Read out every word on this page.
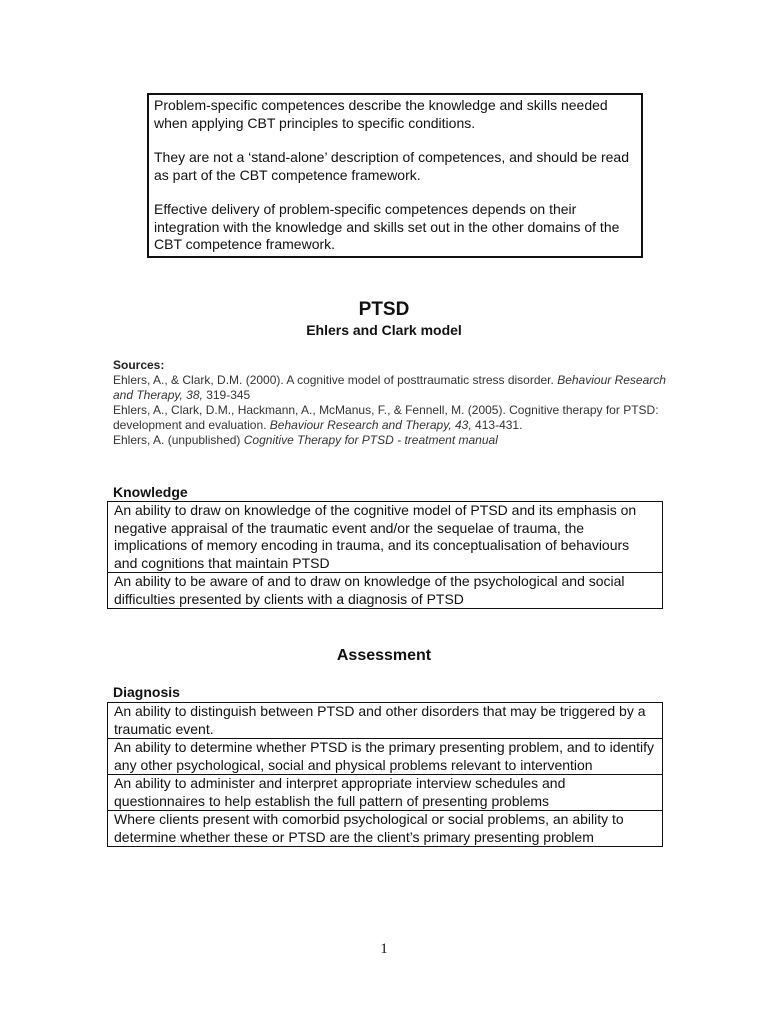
Problem-specific competences describe the knowledge and skills needed when applying CBT principles to specific conditions.

They are not a ‘stand-alone’ description of competences, and should be read as part of the CBT competence framework.

Effective delivery of problem-specific competences depends on their integration with the knowledge and skills set out in the other domains of the CBT competence framework.

PTSD
Ehlers and Clark model
Sources:
Ehlers, A., & Clark, D.M. (2000). A cognitive model of posttraumatic stress disorder. Behaviour Research and Therapy, 38, 319-345
Ehlers, A., Clark, D.M., Hackmann, A., McManus, F., & Fennell, M. (2005). Cognitive therapy for PTSD: development and evaluation. Behaviour Research and Therapy, 43, 413-431.
Ehlers, A. (unpublished) Cognitive Therapy for PTSD - treatment manual
Knowledge
An ability to draw on knowledge of the cognitive model of PTSD and its emphasis on negative appraisal of the traumatic event and/or the sequelae of trauma, the implications of memory encoding in trauma, and its conceptualisation of behaviours and cognitions that maintain PTSD
An ability to be aware of and to draw on knowledge of the psychological and social difficulties presented by clients with a diagnosis of PTSD
Assessment
Diagnosis
An ability to distinguish between PTSD and other disorders that may be triggered by a traumatic event.
An ability to determine whether PTSD is the primary presenting problem, and to identify any other psychological, social and physical problems relevant to intervention
An ability to administer and interpret appropriate interview schedules and questionnaires to help establish the full pattern of presenting problems
Where clients present with comorbid psychological or social problems, an ability to determine whether these or PTSD are the client’s primary presenting problem
1
